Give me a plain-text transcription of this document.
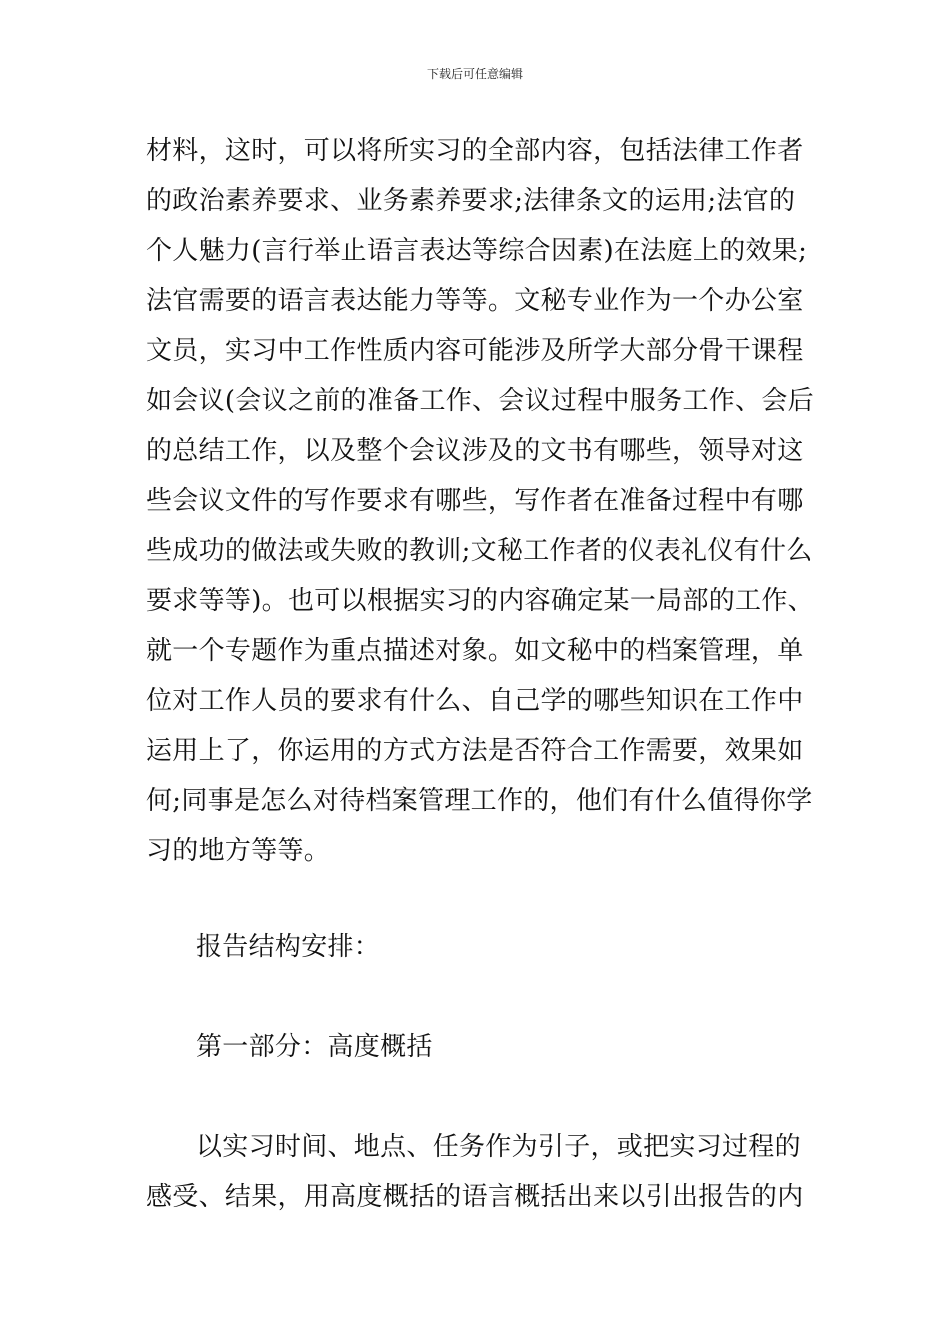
下载后可任意编辑
材料，这时，可以将所实习的全部内容，包括法律工作者
的政治素养要求、业务素养要求;法律条文的运用;法官的
个人魅力(言行举止语言表达等综合因素)在法庭上的效果;
法官需要的语言表达能力等等。文秘专业作为一个办公室
文员，实习中工作性质内容可能涉及所学大部分骨干课程
如会议(会议之前的准备工作、会议过程中服务工作、会后
的总结工作，以及整个会议涉及的文书有哪些，领导对这
些会议文件的写作要求有哪些，写作者在准备过程中有哪
些成功的做法或失败的教训;文秘工作者的仪表礼仪有什么
要求等等)。也可以根据实习的内容确定某一局部的工作、
就一个专题作为重点描述对象。如文秘中的档案管理，单
位对工作人员的要求有什么、自己学的哪些知识在工作中
运用上了，你运用的方式方法是否符合工作需要，效果如
何;同事是怎么对待档案管理工作的，他们有什么值得你学
习的地方等等。
报告结构安排：
第一部分：高度概括
以实习时间、地点、任务作为引子，或把实习过程的
感受、结果，用高度概括的语言概括出来以引出报告的内
